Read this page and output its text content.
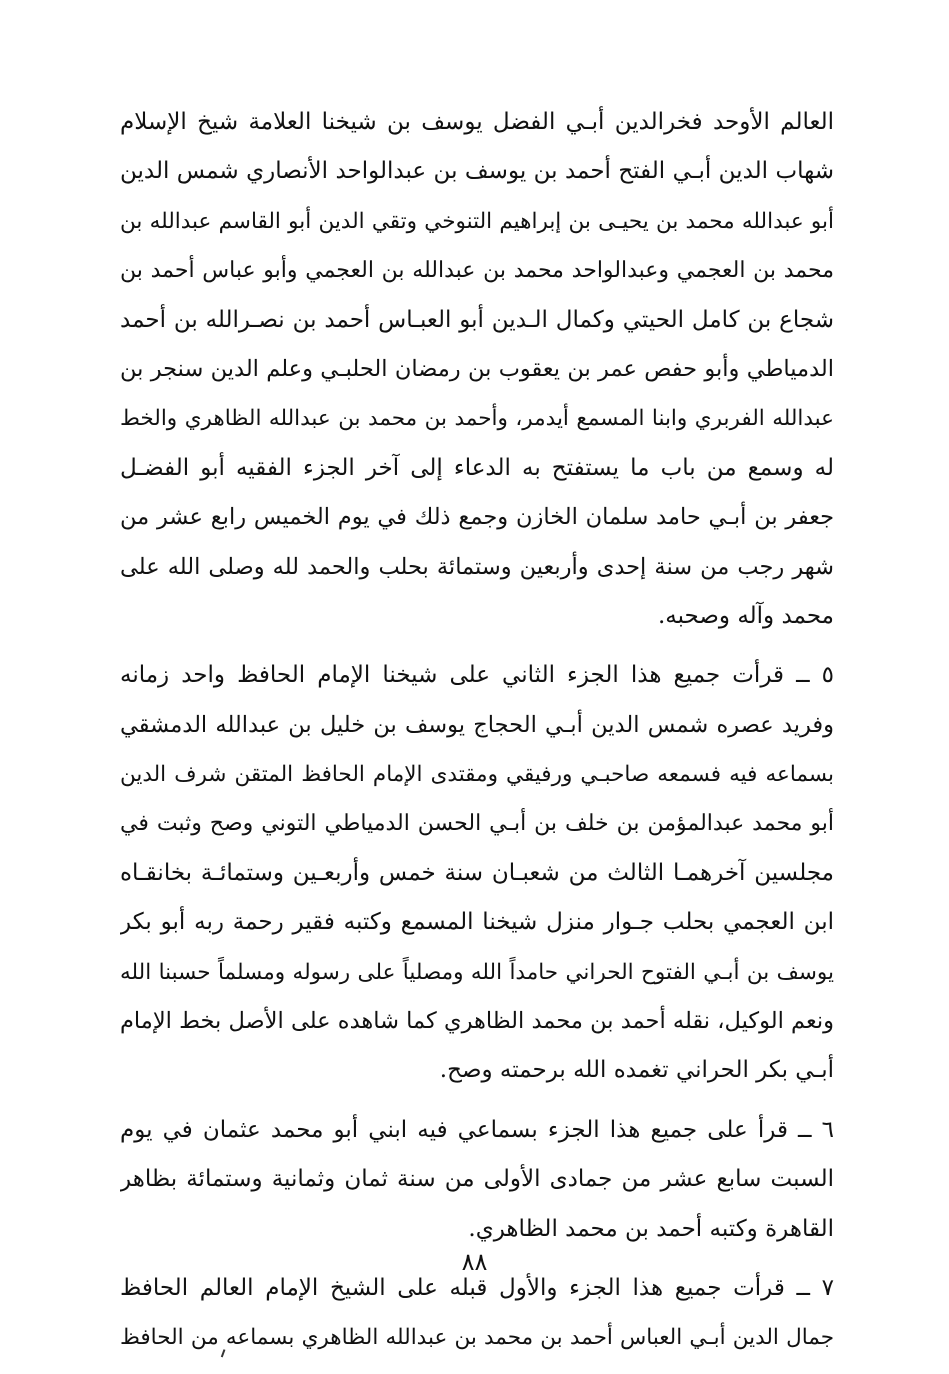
العالم الأوحد فخرالدين أبـي الفضل يوسف بن شيخنا العلامة شيخ الإسلام
شهاب الدين أبـي الفتح أحمد بن يوسف بن عبدالواحد الأنصاري شمس الدين
أبو عبدالله محمد بن يحيـى بن إبراهيم التنوخي وتقي الدين أبو القاسم عبدالله بن
محمد بن العجمي وعبدالواحد محمد بن عبدالله بن العجمي وأبو عباس أحمد بن
شجاع بن كامل الحيتي وكمال الـدين أبو العبـاس أحمد بن نصـرالله بن أحمد
الدمياطي وأبو حفص عمر بن يعقوب بن رمضان الحلبـي وعلم الدين سنجر بن
عبدالله الفربري وابنا المسمع أيدمر، وأحمد بن محمد بن عبدالله الظاهري والخط
له وسمع من باب ما يستفتح به الدعاء إلى آخر الجزء الفقيه أبو الفضـل
جعفر بن أبـي حامد سلمان الخازن وجمع ذلك في يوم الخميس رابع عشر من
شهر رجب من سنة إحدى وأربعين وستمائة بحلب والحمد لله وصلى الله على
محمد وآله وصحبه.
٥ ــ قرأت جميع هذا الجزء الثاني على شيخنا الإمام الحافظ واحد زمانه
وفريد عصره شمس الدين أبـي الحجاج يوسف بن خليل بن عبدالله الدمشقي
بسماعه فيه فسمعه صاحبـي ورفيقي ومقتدى الإمام الحافظ المتقن شرف الدين
أبو محمد عبدالمؤمن بن خلف بن أبـي الحسن الدمياطي التوني وصح وثبت في
مجلسين آخرهمـا الثالث من شعبـان سنة خمس وأربعـين وستمائـة بخانقـاه
ابن العجمي بحلب جـوار منزل شيخنا المسمع وكتبه فقير رحمة ربه أبو بكر
يوسف بن أبـي الفتوح الحراني حامداً الله ومصلياً على رسوله ومسلماً حسبنا الله
ونعم الوكيل، نقله أحمد بن محمد الظاهري كما شاهده على الأصل بخط الإمام
أبـي بكر الحراني تغمده الله برحمته وصح.
٦ ــ قرأ على جميع هذا الجزء بسماعي فيه ابني أبو محمد عثمان في يوم
السبت سابع عشر من جمادى الأولى من سنة ثمان وثمانية وستمائة بظاهر
القاهرة وكتبه أحمد بن محمد الظاهري.
٧ ــ قرأت جميع هذا الجزء والأول قبله على الشيخ الإمام العالم الحافظ
جمال الدين أبـي العباس أحمد بن محمد بن عبدالله الظاهري بسماعه من الحافظ
٨٨
